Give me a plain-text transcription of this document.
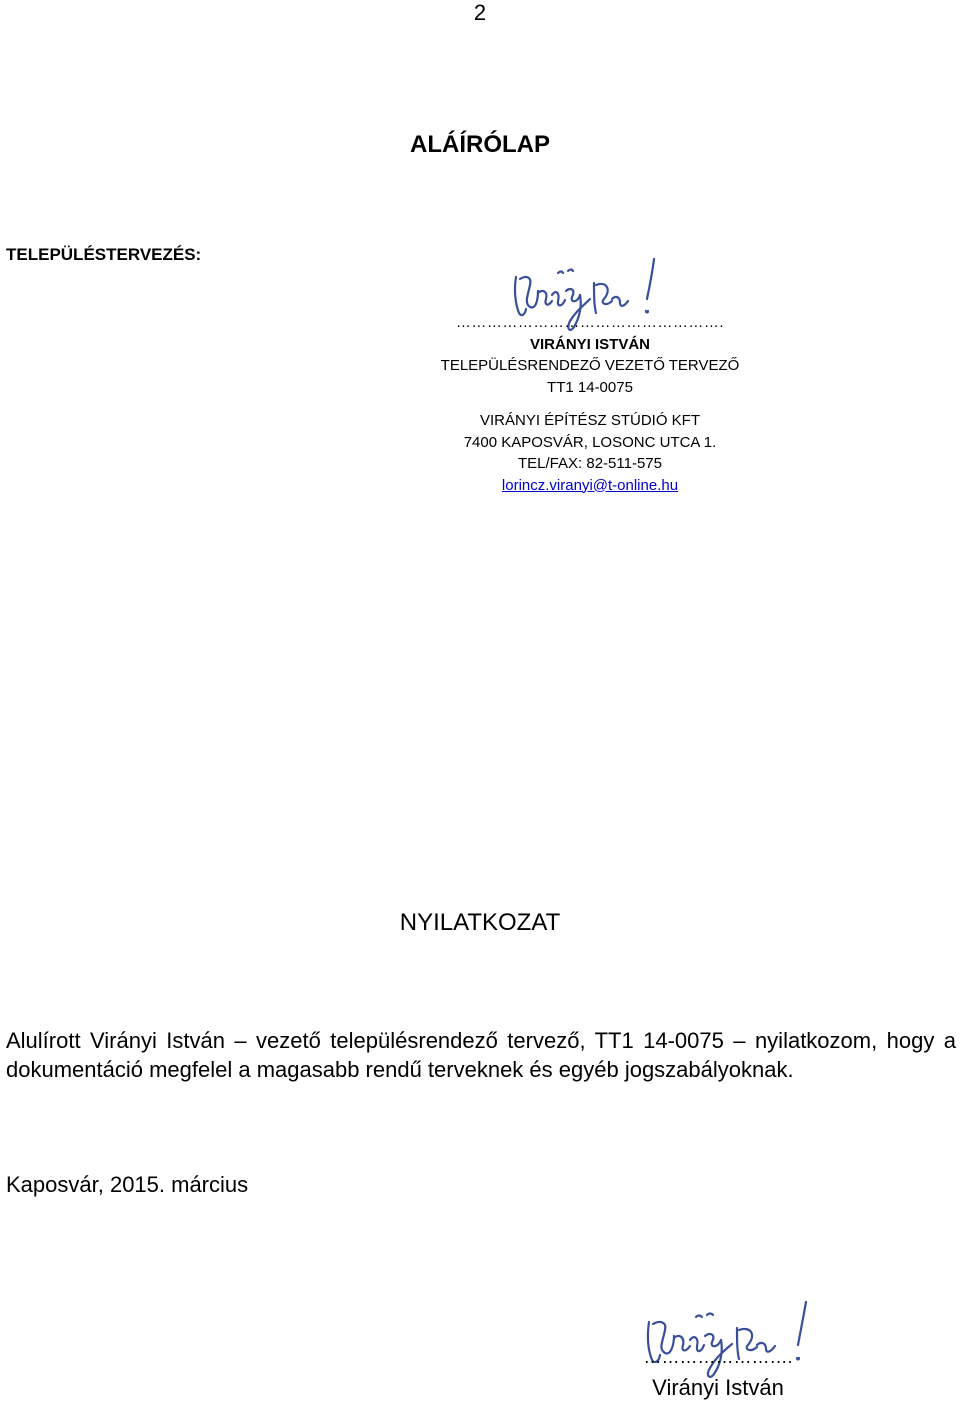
2
ALÁÍRÓLAP
TELEPÜLÉSTERVEZÉS:
…………………………………………….
VIRÁNYI ISTVÁN
TELEPÜLÉSRENDEZŐ VEZETŐ TERVEZŐ
TT1 14-0075
VIRÁNYI ÉPÍTÉSZ STÚDIÓ KFT
7400 KAPOSVÁR, LOSONC UTCA 1.
TEL/FAX: 82-511-575
lorincz.viranyi@t-online.hu
NYILATKOZAT
Alulírott Virányi István – vezető településrendező tervező, TT1 14-0075 – nyilatkozom, hogy a dokumentáció megfelel a magasabb rendű terveknek és egyéb jogszabályoknak.
Kaposvár, 2015. március
…………………….
Virányi István
